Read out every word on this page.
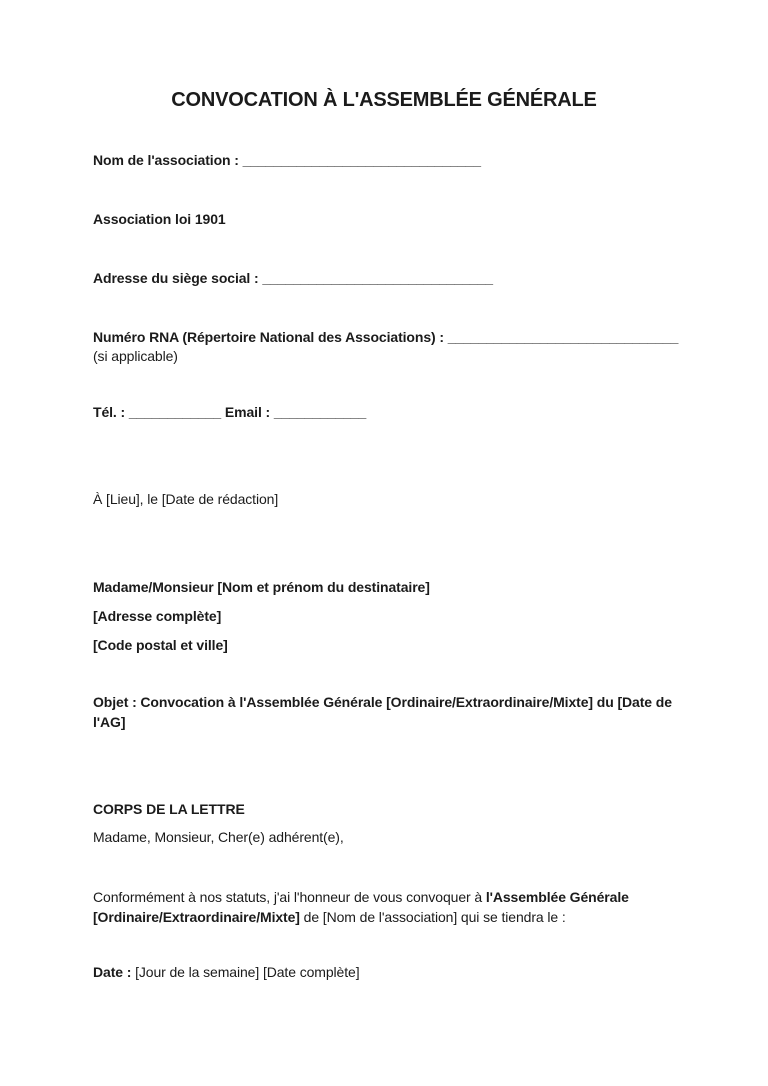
CONVOCATION À L'ASSEMBLÉE GÉNÉRALE

Nom de l'association : _______________________________

Association loi 1901

Adresse du siège social : ______________________________

Numéro RNA (Répertoire National des Associations) : ______________________________

(si applicable)

Tél. : ____________ Email : ____________

À [Lieu], le [Date de rédaction]

Madame/Monsieur [Nom et prénom du destinataire]

[Adresse complète]

[Code postal et ville]

Objet : Convocation à l'Assemblée Générale [Ordinaire/Extraordinaire/Mixte] du [Date de l'AG]

CORPS DE LA LETTRE

Madame, Monsieur, Cher(e) adhérent(e),

Conformément à nos statuts, j'ai l'honneur de vous convoquer à l'Assemblée Générale [Ordinaire/Extraordinaire/Mixte] de [Nom de l'association] qui se tiendra le :

Date : [Jour de la semaine] [Date complète]
